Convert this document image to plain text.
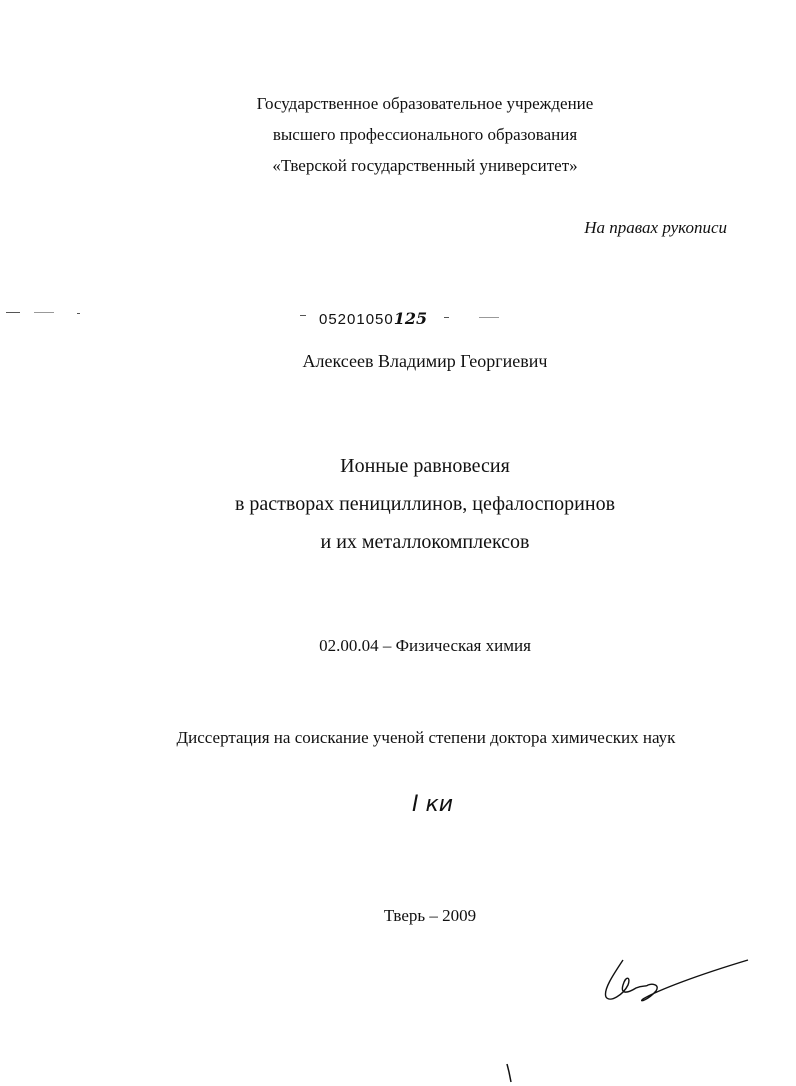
Государственное образовательное учреждение
высшего профессионального образования
«Тверской государственный университет»
На правах рукописи
05201050125
Алексеев Владимир Георгиевич
Ионные равновесия
в растворах пенициллинов, цефалоспоринов
и их металлокомплексов
02.00.04 – Физическая химия
Диссертация на соискание ученой степени доктора химических наук
I ки
Тверь – 2009
